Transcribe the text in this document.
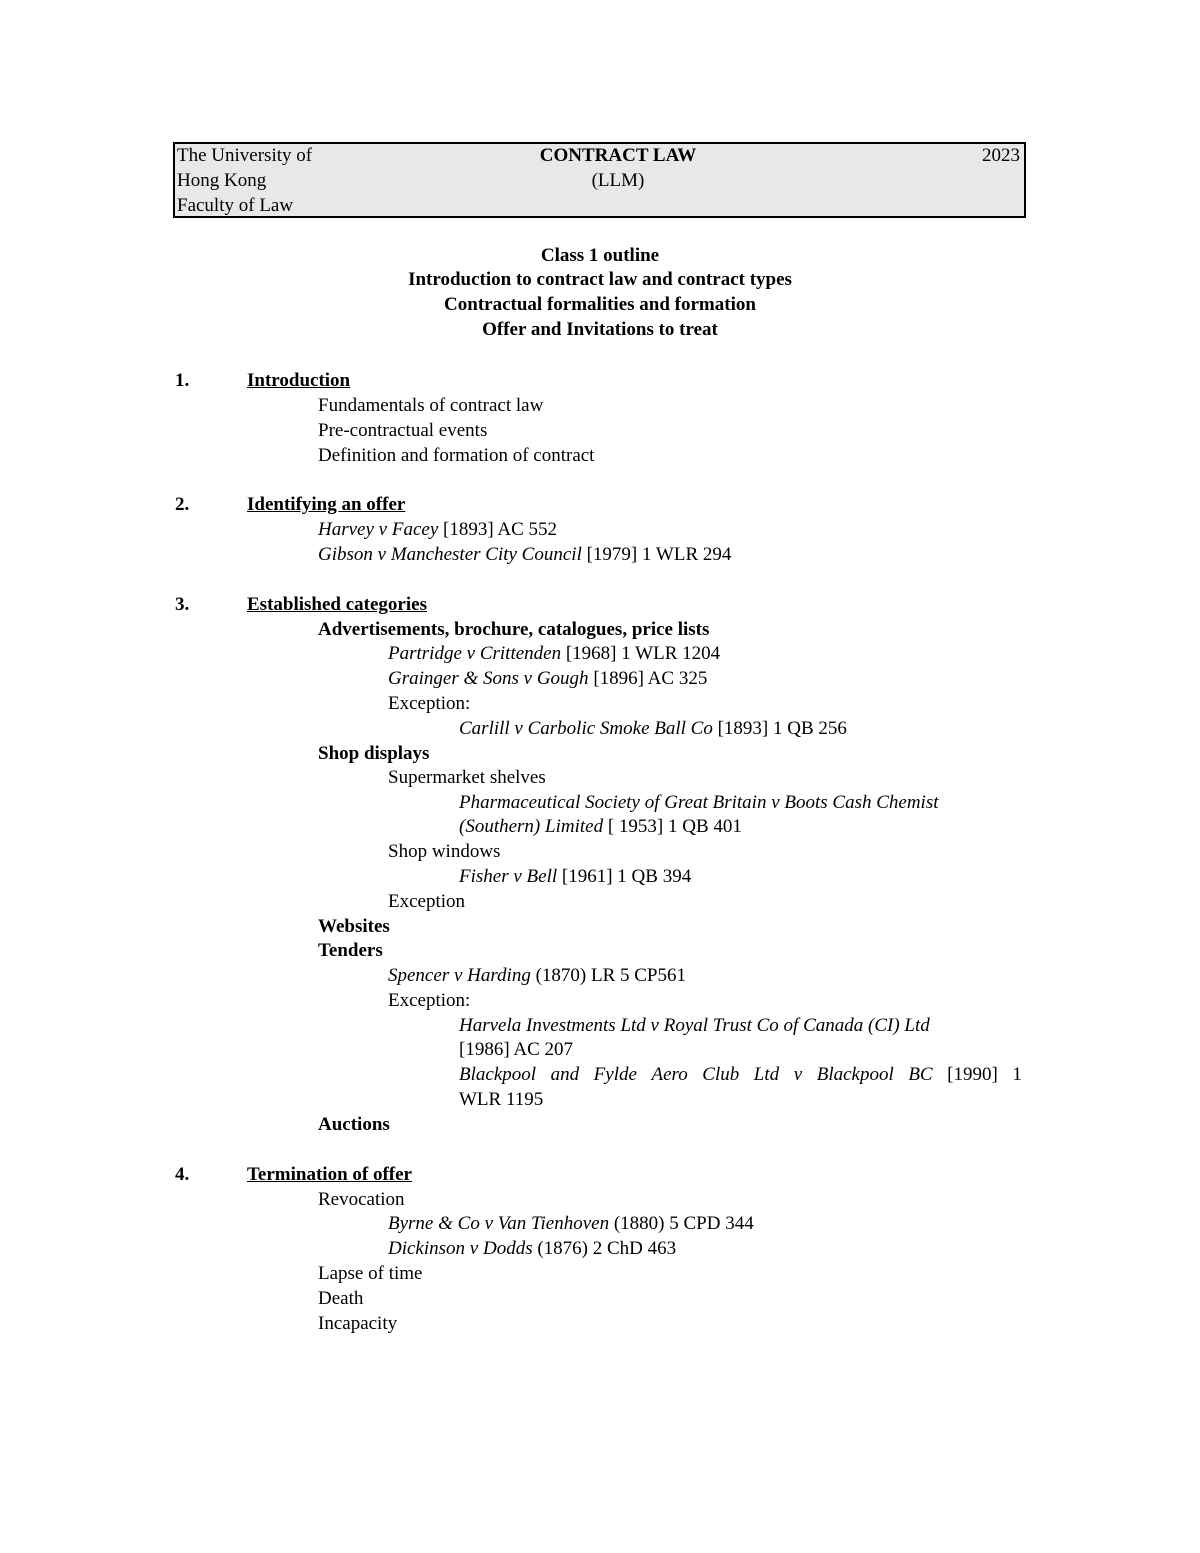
The University of
Hong Kong
Faculty of Law
CONTRACT LAW
(LLM)
2023
Class 1 outline
Introduction to contract law and contract types
Contractual formalities and formation
Offer and Invitations to treat
1.	Introduction
Fundamentals of contract law
Pre-contractual events
Definition and formation of contract
2.	Identifying an offer
Harvey v Facey [1893] AC 552
Gibson v Manchester City Council [1979] 1 WLR 294
3.	Established categories
Advertisements, brochure, catalogues, price lists
Partridge v Crittenden [1968] 1 WLR 1204
Grainger & Sons v Gough [1896] AC 325
Exception:
Carlill v Carbolic Smoke Ball Co [1893] 1 QB 256
Shop displays
Supermarket shelves
Pharmaceutical Society of Great Britain v Boots Cash Chemist
(Southern) Limited [ 1953] 1 QB 401
Shop windows
Fisher v Bell [1961] 1 QB 394
Exception
Websites
Tenders
Spencer v Harding (1870) LR 5 CP561
Exception:
Harvela Investments Ltd v Royal Trust Co of Canada (CI) Ltd
[1986] AC 207
Blackpool and Fylde Aero Club Ltd v Blackpool BC [1990] 1
WLR 1195
Auctions
4.	Termination of offer
Revocation
Byrne & Co v Van Tienhoven (1880) 5 CPD 344
Dickinson v Dodds (1876) 2 ChD 463
Lapse of time
Death
Incapacity
